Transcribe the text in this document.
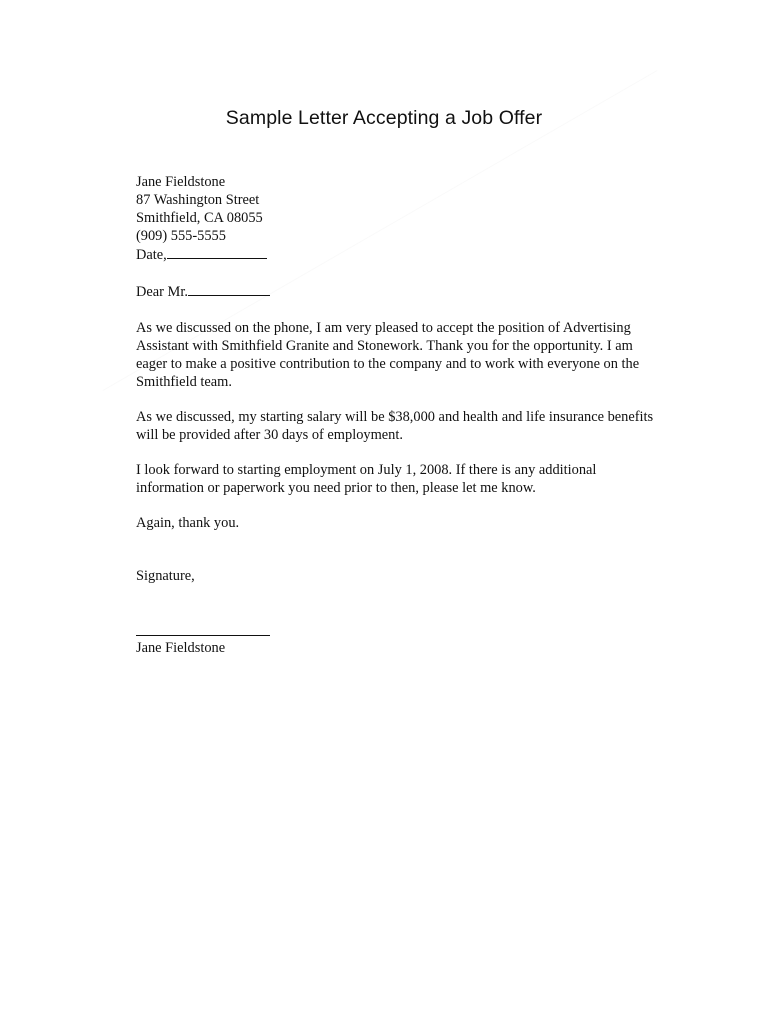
Sample Letter Accepting a Job Offer
Jane Fieldstone
87 Washington Street
Smithfield, CA 08055
(909) 555-5555
Date,
Dear Mr.
As we discussed on the phone, I am very pleased to accept the position of Advertising
Assistant with Smithfield Granite and Stonework. Thank you for the opportunity. I am
eager to make a positive contribution to the company and to work with everyone on the
Smithfield team.
As we discussed, my starting salary will be $38,000 and health and life insurance benefits
will be provided after 30 days of employment.
I look forward to starting employment on July 1, 2008. If there is any additional
information or paperwork you need prior to then, please let me know.
Again, thank you.
Signature,
Jane Fieldstone
